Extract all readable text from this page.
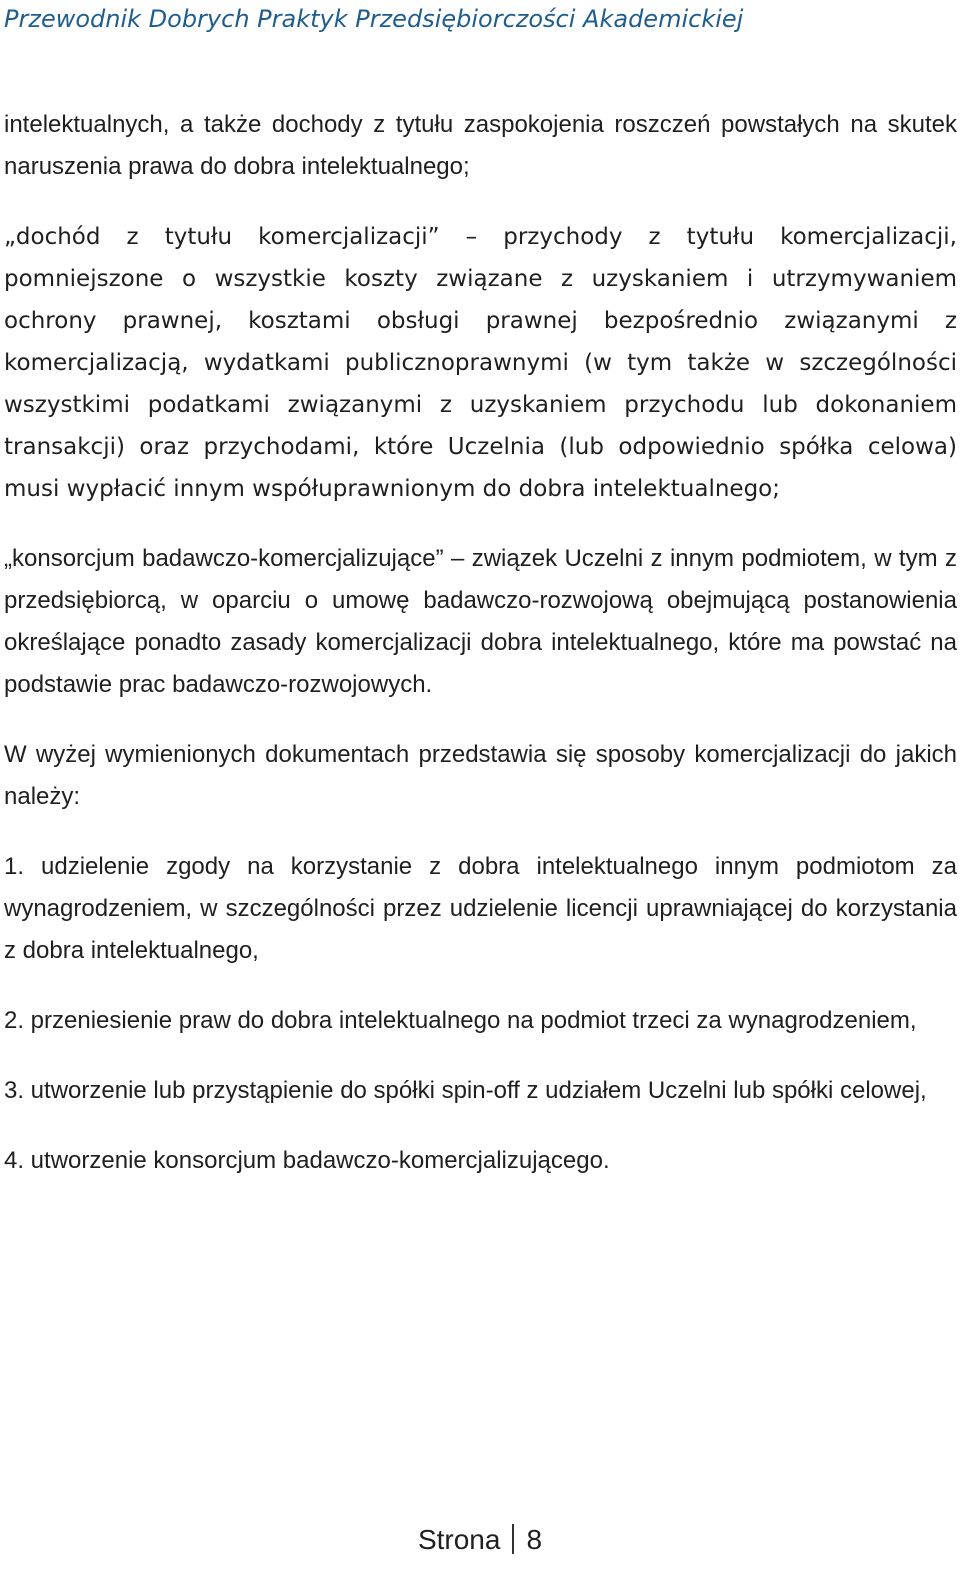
Przewodnik Dobrych Praktyk Przedsiębiorczości Akademickiej

intelektualnych, a także dochody z tytułu zaspokojenia roszczeń powstałych na skutek naruszenia prawa do dobra intelektualnego;

„dochód z tytułu komercjalizacji” – przychody z tytułu komercjalizacji, pomniejszone o wszystkie koszty związane z uzyskaniem i utrzymywaniem ochrony prawnej, kosztami obsługi prawnej bezpośrednio związanymi z komercjalizacją, wydatkami publicznoprawnymi (w tym także w szczególności wszystkimi podatkami związanymi z uzyskaniem przychodu lub dokonaniem transakcji) oraz przychodami, które Uczelnia (lub odpowiednio spółka celowa) musi wypłacić innym współuprawnionym do dobra intelektualnego;

„konsorcjum badawczo-komercjalizujące” – związek Uczelni z innym podmiotem, w tym z przedsiębiorcą, w oparciu o umowę badawczo-rozwojową obejmującą postanowienia określające ponadto zasady komercjalizacji dobra intelektualnego, które ma powstać na podstawie prac badawczo-rozwojowych.

W wyżej wymienionych dokumentach przedstawia się sposoby komercjalizacji do jakich należy:

1. udzielenie zgody na korzystanie z dobra intelektualnego innym podmiotom za wynagrodzeniem, w szczególności przez udzielenie licencji uprawniającej do korzystania z dobra intelektualnego,

2. przeniesienie praw do dobra intelektualnego na podmiot trzeci za wynagrodzeniem,

3. utworzenie lub przystąpienie do spółki spin-off z udziałem Uczelni lub spółki celowej,

4. utworzenie konsorcjum badawczo-komercjalizującego.

Strona 8
